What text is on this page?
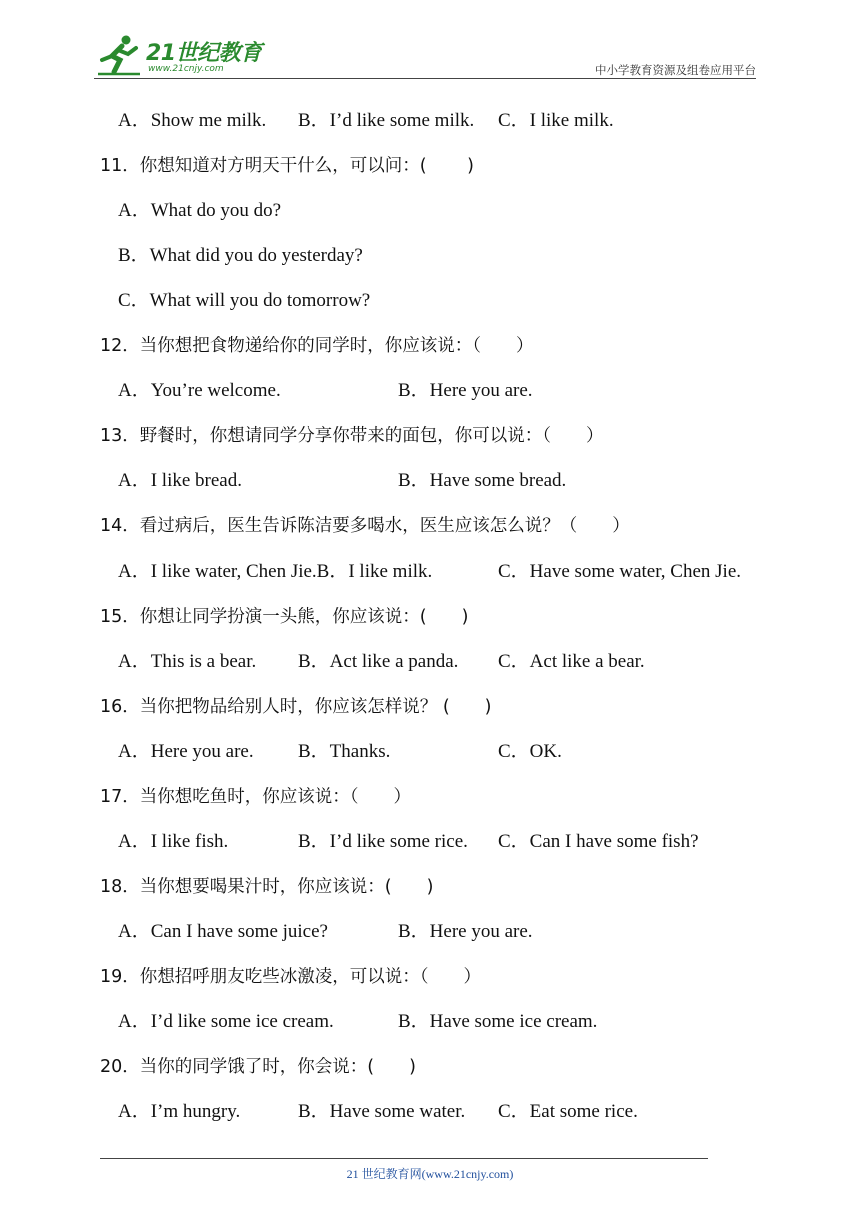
21世纪教育
www.21cnjy.com	中小学教育资源及组卷应用平台
A．Show me milk. B．I’d like some milk. C．I like milk.
11．你想知道对方明天干什么，可以问：(　　 )
A．What do you do?
B．What did you do yesterday?
C．What will you do tomorrow?
12．当你想把食物递给你的同学时，你应该说：（　　）
A．You’re welcome.	B．Here you are.
13．野餐时，你想请同学分享你带来的面包，你可以说：（　　）
A．I like bread.	B．Have some bread.
14．看过病后，医生告诉陈洁要多喝水，医生应该怎么说？（　　）
A．I like water, Chen Jie.B．I like milk.	C．Have some water, Chen Jie.
15．你想让同学扮演一头熊，你应该说：(　　)
A．This is a bear. B．Act like a panda. C．Act like a bear.
16．当你把物品给别人时，你应该怎样说？ (　　)
A．Here you are. B．Thanks.	C．OK.
17．当你想吃鱼时，你应该说：（　　）
A．I like fish.	B．I’d like some rice. C．Can I have some fish?
18．当你想要喝果汁时，你应该说：(　　)
A．Can I have some juice?	B．Here you are.
19．你想招呼朋友吃些冰激凌，可以说：（　　）
A．I’d like some ice cream.	B．Have some ice cream.
20．当你的同学饿了时，你会说：(　　)
A．I’m hungry.	B．Have some water. C．Eat some rice.
21 世纪教育网(www.21cnjy.com)
